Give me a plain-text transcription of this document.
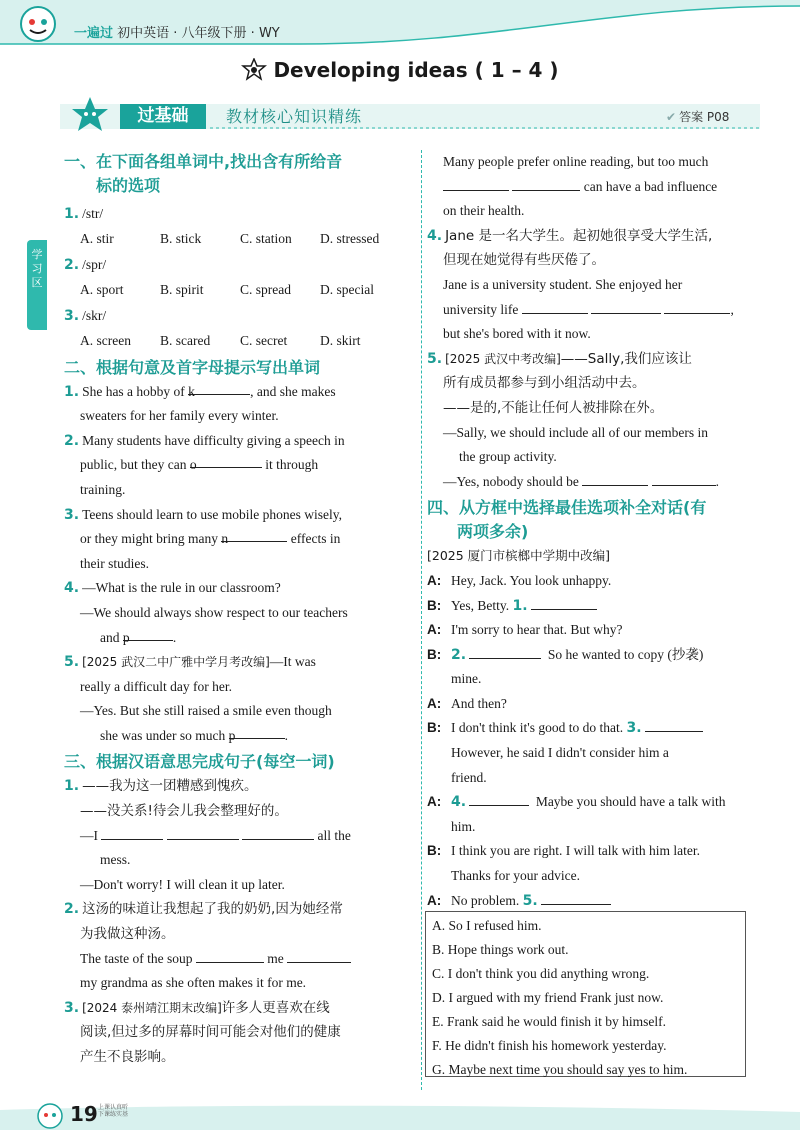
一遍过 初中英语 · 八年级下册 · WY
Developing ideas ( 1 – 4 )
过基础	教材核心知识精练	✔ 答案 P08
学习区
一、在下面各组单词中,找出含有所给音
标的选项
1. /str/
A. stir	B. stick	C. station D. stressed
2. /spr/
A. sport	B. spirit	C. spread D. special
3. /skr/
A. screen B. scared C. secret D. skirt
二、根据句意及首字母提示写出单词
1. She has a hobby of k	, and she makes
sweaters for her family every winter.
2. Many students have difficulty giving a speech in
public, but they can o	it through
training.
3. Teens should learn to use mobile phones wisely,
or they might bring many n	effects in
their studies.
4. —What is the rule in our classroom?
—We should always show respect to our teachers
and p	.
5. [2025 武汉二中广雅中学月考改编]—It was
really a difficult day for her.
—Yes. But she still raised a smile even though
she was under so much p	.
三、根据汉语意思完成句子(每空一词)
1. ——我为这一团糟感到愧疚。
——没关系!待会儿我会整理好的。
—I	all the
mess.
—Don't worry! I will clean it up later.
2. 这汤的味道让我想起了我的奶奶,因为她经常
为我做这种汤。
The taste of the soup	me
my grandma as she often makes it for me.
3. [2024 泰州靖江期末改编]许多人更喜欢在线
阅读,但过多的屏幕时间可能会对他们的健康
产生不良影响。
Many people prefer online reading, but too much
can have a bad influence
on their health.
4. Jane 是一名大学生。起初她很享受大学生活,
但现在她觉得有些厌倦了。
Jane is a university student. She enjoyed her
university life	,
but she's bored with it now.
5. [2025 武汉中考改编]——Sally,我们应该让
所有成员都参与到小组活动中去。
——是的,不能让任何人被排除在外。
—Sally, we should include all of our members in
the group activity.
—Yes, nobody should be	.
四、从方框中选择最佳选项补全对话(有
两项多余)
[2025 厦门市槟榔中学期中改编]
A: Hey, Jack. You look unhappy.
B: Yes, Betty. 1.
A: I'm sorry to hear that. But why?
B: 2.	So he wanted to copy (抄袭)
mine.
A: And then?
B: I don't think it's good to do that. 3.
However, he said I didn't consider him a
friend.
A: 4.	Maybe you should have a talk with
him.
B: I think you are right. I will talk with him later.
Thanks for your advice.
A: No problem. 5.
A. So I refused him.
B. Hope things work out.
C. I don't think you did anything wrong.
D. I argued with my friend Frank just now.
E. Frank said he would finish it by himself.
F. He didn't finish his homework yesterday.
G. Maybe next time you should say yes to him.
19 上课认真听
下课练实基
